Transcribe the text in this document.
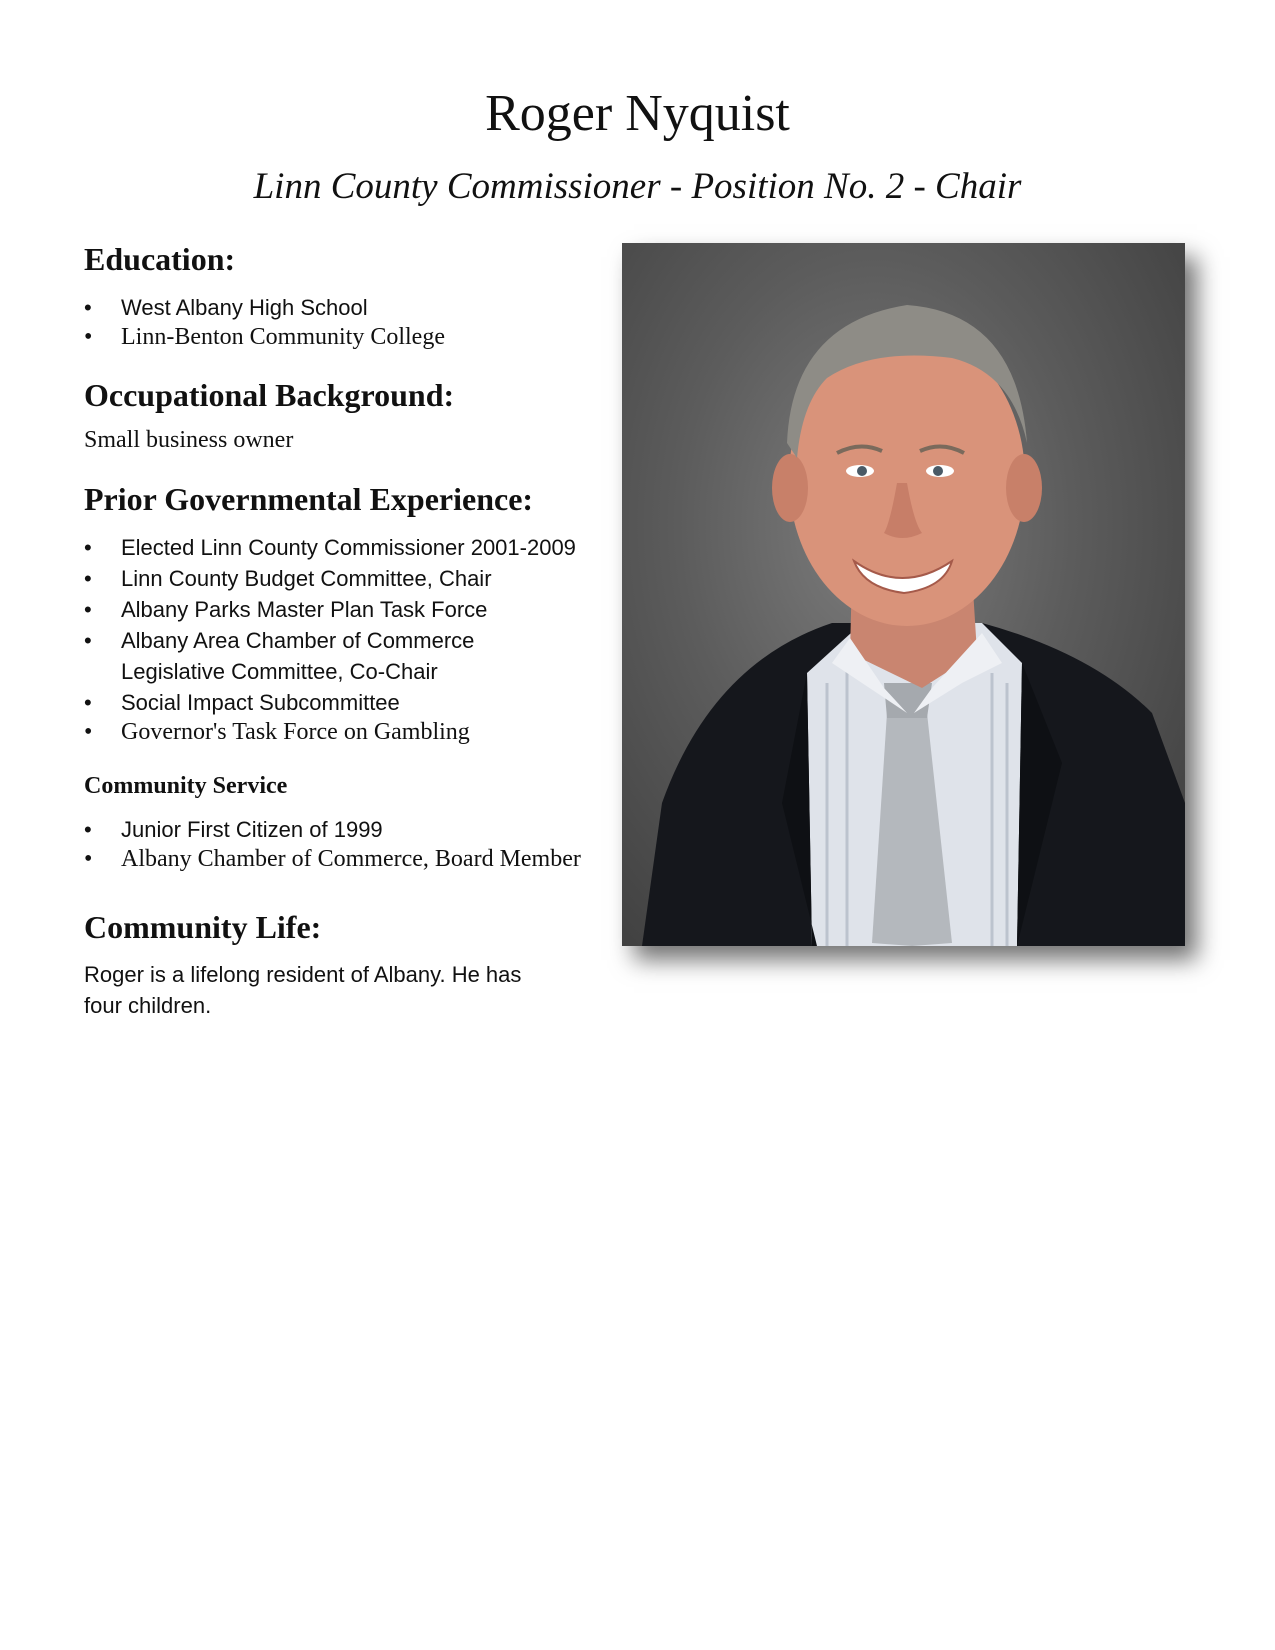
Roger Nyquist
Linn County Commissioner - Position No. 2 - Chair
Education:
• West Albany High School
• Linn-Benton Community College
Occupational Background:

Small business owner

Prior Governmental Experience:
• Elected Linn County Commissioner 2001-2009
• Linn County Budget Committee, Chair
• Albany Parks Master Plan Task Force
• Albany Area Chamber of Commerce Legislative Committee, Co-Chair
• Social Impact Subcommittee
• Governor's Task Force on Gambling
Community Service
• Junior First Citizen of 1999
• Albany Chamber of Commerce, Board Member
Community Life:

Roger is a lifelong resident of Albany. He has four children.
